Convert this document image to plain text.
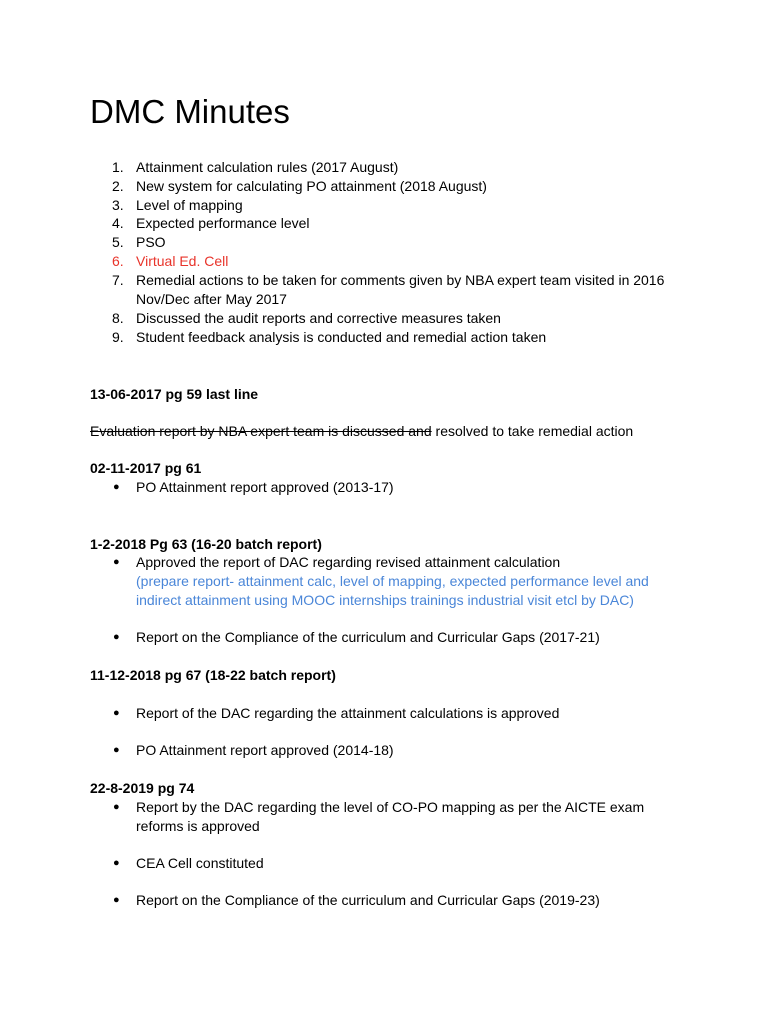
DMC Minutes
1. Attainment calculation rules (2017 August)
2. New system for calculating PO attainment (2018 August)
3. Level of mapping
4. Expected performance level
5. PSO
6. Virtual Ed. Cell
7. Remedial actions to be taken for comments given by NBA expert team visited in 2016
Nov/Dec after May 2017
8. Discussed the audit reports and corrective measures taken
9. Student feedback analysis is conducted and remedial action taken
13-06-2017 pg 59 last line
Evaluation report by NBA expert team is discussed and resolved to take remedial action
02-11-2017 pg 61
● PO Attainment report approved (2013-17)
1-2-2018 Pg 63 (16-20 batch report)
● Approved the report of DAC regarding revised attainment calculation
(prepare report- attainment calc, level of mapping, expected performance level and
indirect attainment using MOOC internships trainings industrial visit etcl by DAC)
● Report on the Compliance of the curriculum and Curricular Gaps (2017-21)
11-12-2018 pg 67 (18-22 batch report)
● Report of the DAC regarding the attainment calculations is approved
● PO Attainment report approved (2014-18)
22-8-2019 pg 74
● Report by the DAC regarding the level of CO-PO mapping as per the AICTE exam
reforms is approved
● CEA Cell constituted
● Report on the Compliance of the curriculum and Curricular Gaps (2019-23)
